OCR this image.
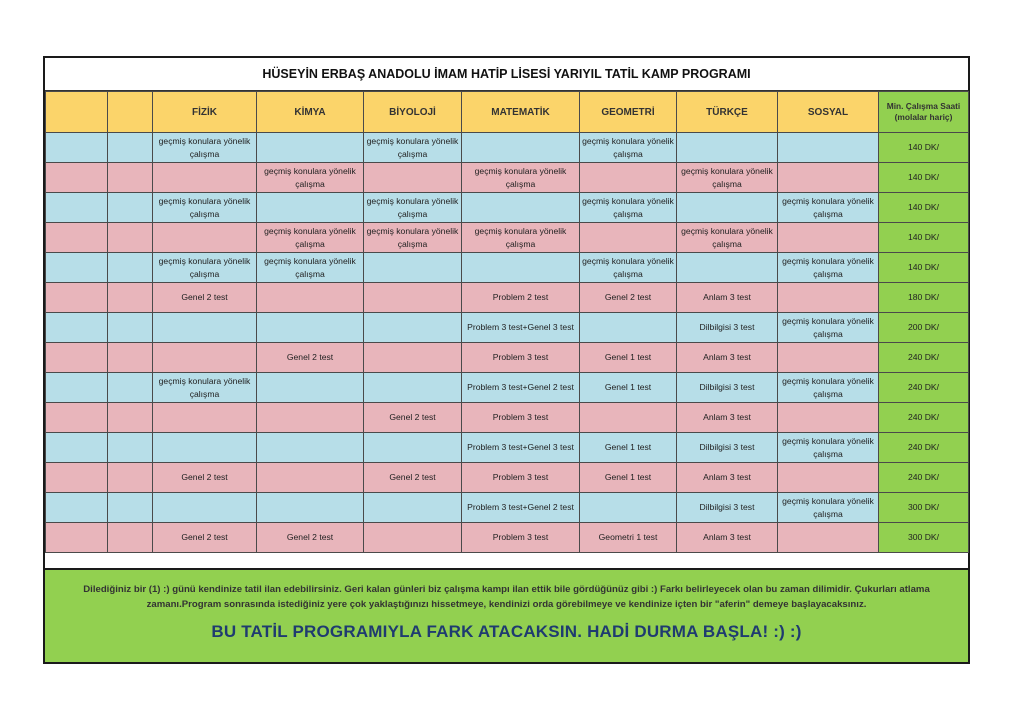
HÜSEYİN ERBAŞ ANADOLU İMAM HATİP LİSESİ YARIYIL TATİL KAMP PROGRAMI
		FİZİK	KİMYA	BİYOLOJİ	MATEMATİK	GEOMETRİ	TÜRKÇE	SOSYAL	Min. Çalışma Saati (molalar hariç)
		geçmiş konulara yönelik çalışma		geçmiş konulara yönelik çalışma		geçmiş konulara yönelik çalışma			140 DK/
			geçmiş konulara yönelik çalışma		geçmiş konulara yönelik çalışma		geçmiş konulara yönelik çalışma		140 DK/
		geçmiş konulara yönelik çalışma		geçmiş konulara yönelik çalışma		geçmiş konulara yönelik çalışma		geçmiş konulara yönelik çalışma	140 DK/
			geçmiş konulara yönelik çalışma	geçmiş konulara yönelik çalışma	geçmiş konulara yönelik çalışma		geçmiş konulara yönelik çalışma		140 DK/
		geçmiş konulara yönelik çalışma	geçmiş konulara yönelik çalışma			geçmiş konulara yönelik çalışma		geçmiş konulara yönelik çalışma	140 DK/
		Genel 2 test			Problem 2 test	Genel 2 test	Anlam 3 test		180 DK/
					Problem 3 test+Genel 3 test		Dilbilgisi 3 test	geçmiş konulara yönelik çalışma	200 DK/
			Genel 2 test		Problem 3 test	Genel 1 test	Anlam 3 test		240 DK/
		geçmiş konulara yönelik çalışma			Problem 3 test+Genel 2 test	Genel 1 test	Dilbilgisi 3 test	geçmiş konulara yönelik çalışma	240 DK/
				Genel 2 test	Problem 3 test		Anlam 3 test		240 DK/
					Problem 3 test+Genel 3 test	Genel 1 test	Dilbilgisi 3 test	geçmiş konulara yönelik çalışma	240 DK/
		Genel 2 test		Genel 2 test	Problem 3 test	Genel 1 test	Anlam 3 test		240 DK/
					Problem 3 test+Genel 2 test		Dilbilgisi 3 test	geçmiş konulara yönelik çalışma	300 DK/
		Genel 2 test	Genel 2 test		Problem 3 test	Geometri 1 test	Anlam 3 test		300 DK/
Dilediğiniz bir (1) :) günü kendinize tatil ilan edebilirsiniz. Geri kalan günleri biz çalışma kampı ilan ettik bile gördüğünüz gibi :) Farkı belirleyecek olan bu zaman dilimidir. Çukurları atlama zamanı.Program sonrasında istediğiniz yere çok yaklaştığınızı hissetmeye, kendinizi orda görebilmeye ve kendinize içten bir "aferin" demeye başlayacaksınız.
BU TATİL PROGRAMIYLA FARK ATACAKSIN. HADİ DURMA BAŞLA! :) :)
